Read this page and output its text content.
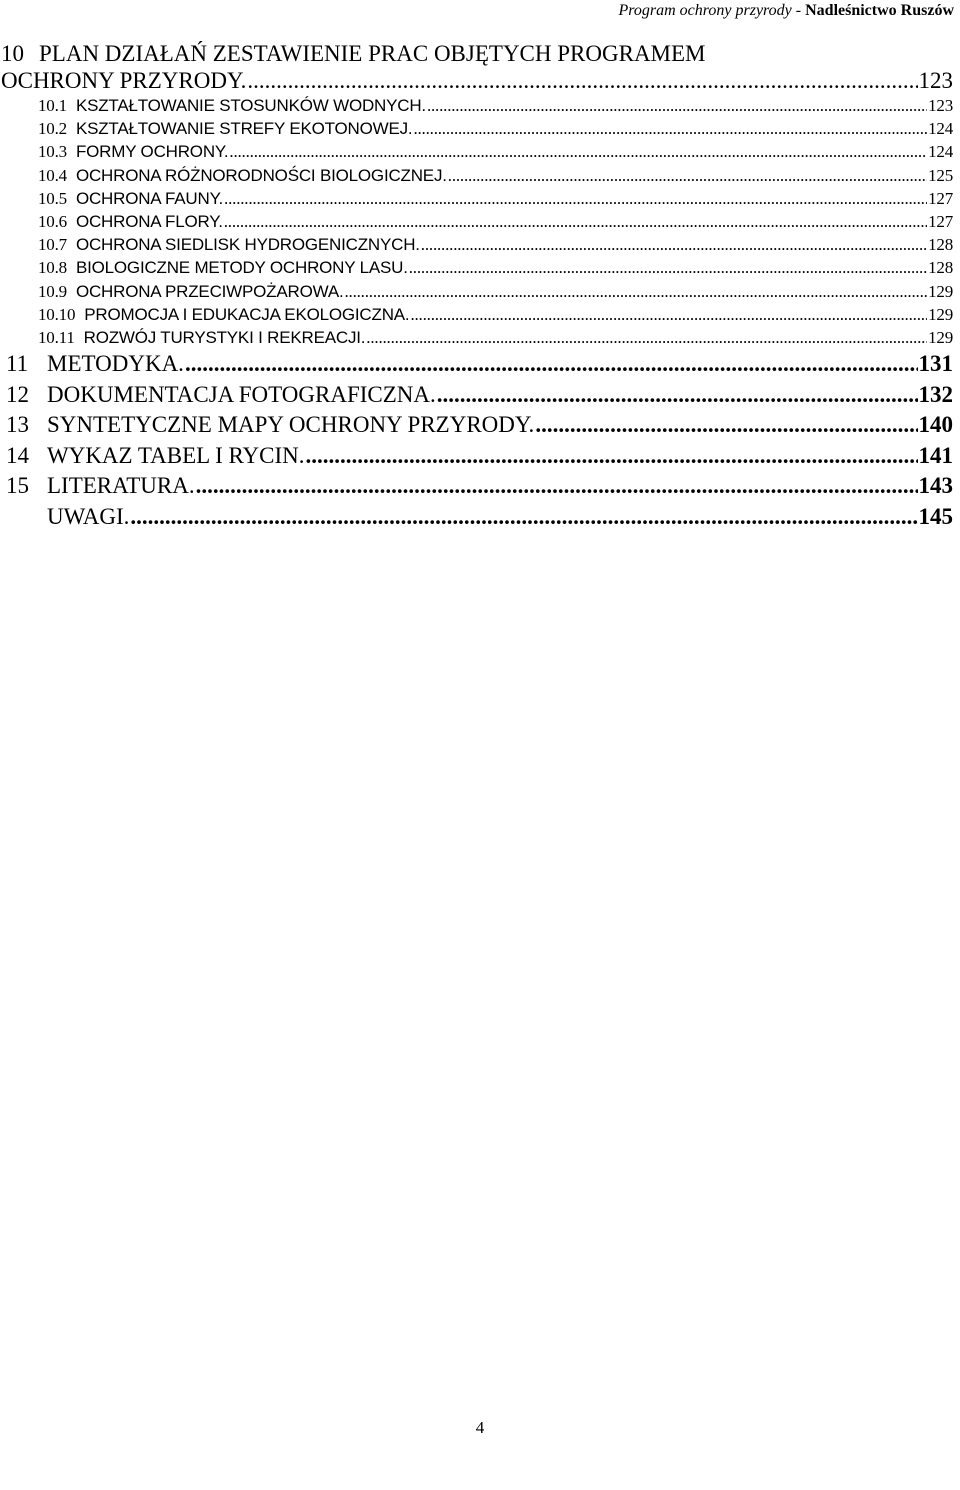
Program ochrony przyrody - Nadleśnictwo Ruszów
10 PLAN DZIAŁAŃ ZESTAWIENIE PRAC OBJĘTYCH PROGRAMEM
OCHRONY PRZYRODY. .....	123
10.1 KSZTAŁTOWANIE STOSUNKÓW WODNYCH. .....	123
10.2 KSZTAŁTOWANIE STREFY EKOTONOWEJ. .....	124
10.3 FORMY OCHRONY. .....	124
10.4 OCHRONA RÓŻNORODNOŚCI BIOLOGICZNEJ. .....	125
10.5 OCHRONA FAUNY. .....	127
10.6 OCHRONA FLORY. .....	127
10.7 OCHRONA SIEDLISK HYDROGENICZNYCH. .....	128
10.8 BIOLOGICZNE METODY OCHRONY LASU. .....	128
10.9 OCHRONA PRZECIWPOŻAROWA. .....	129
10.10 PROMOCJA I EDUKACJA EKOLOGICZNA. .....	129
10.11 ROZWÓJ TURYSTYKI I REKREACJI. .....	129
11 METODYKA. .....	131
12 DOKUMENTACJA FOTOGRAFICZNA. .....	132
13 SYNTETYCZNE MAPY OCHRONY PRZYRODY. .....	140
14 WYKAZ TABEL I RYCIN. .....	141
15 LITERATURA. .....	143
UWAGI. .....	145
4
